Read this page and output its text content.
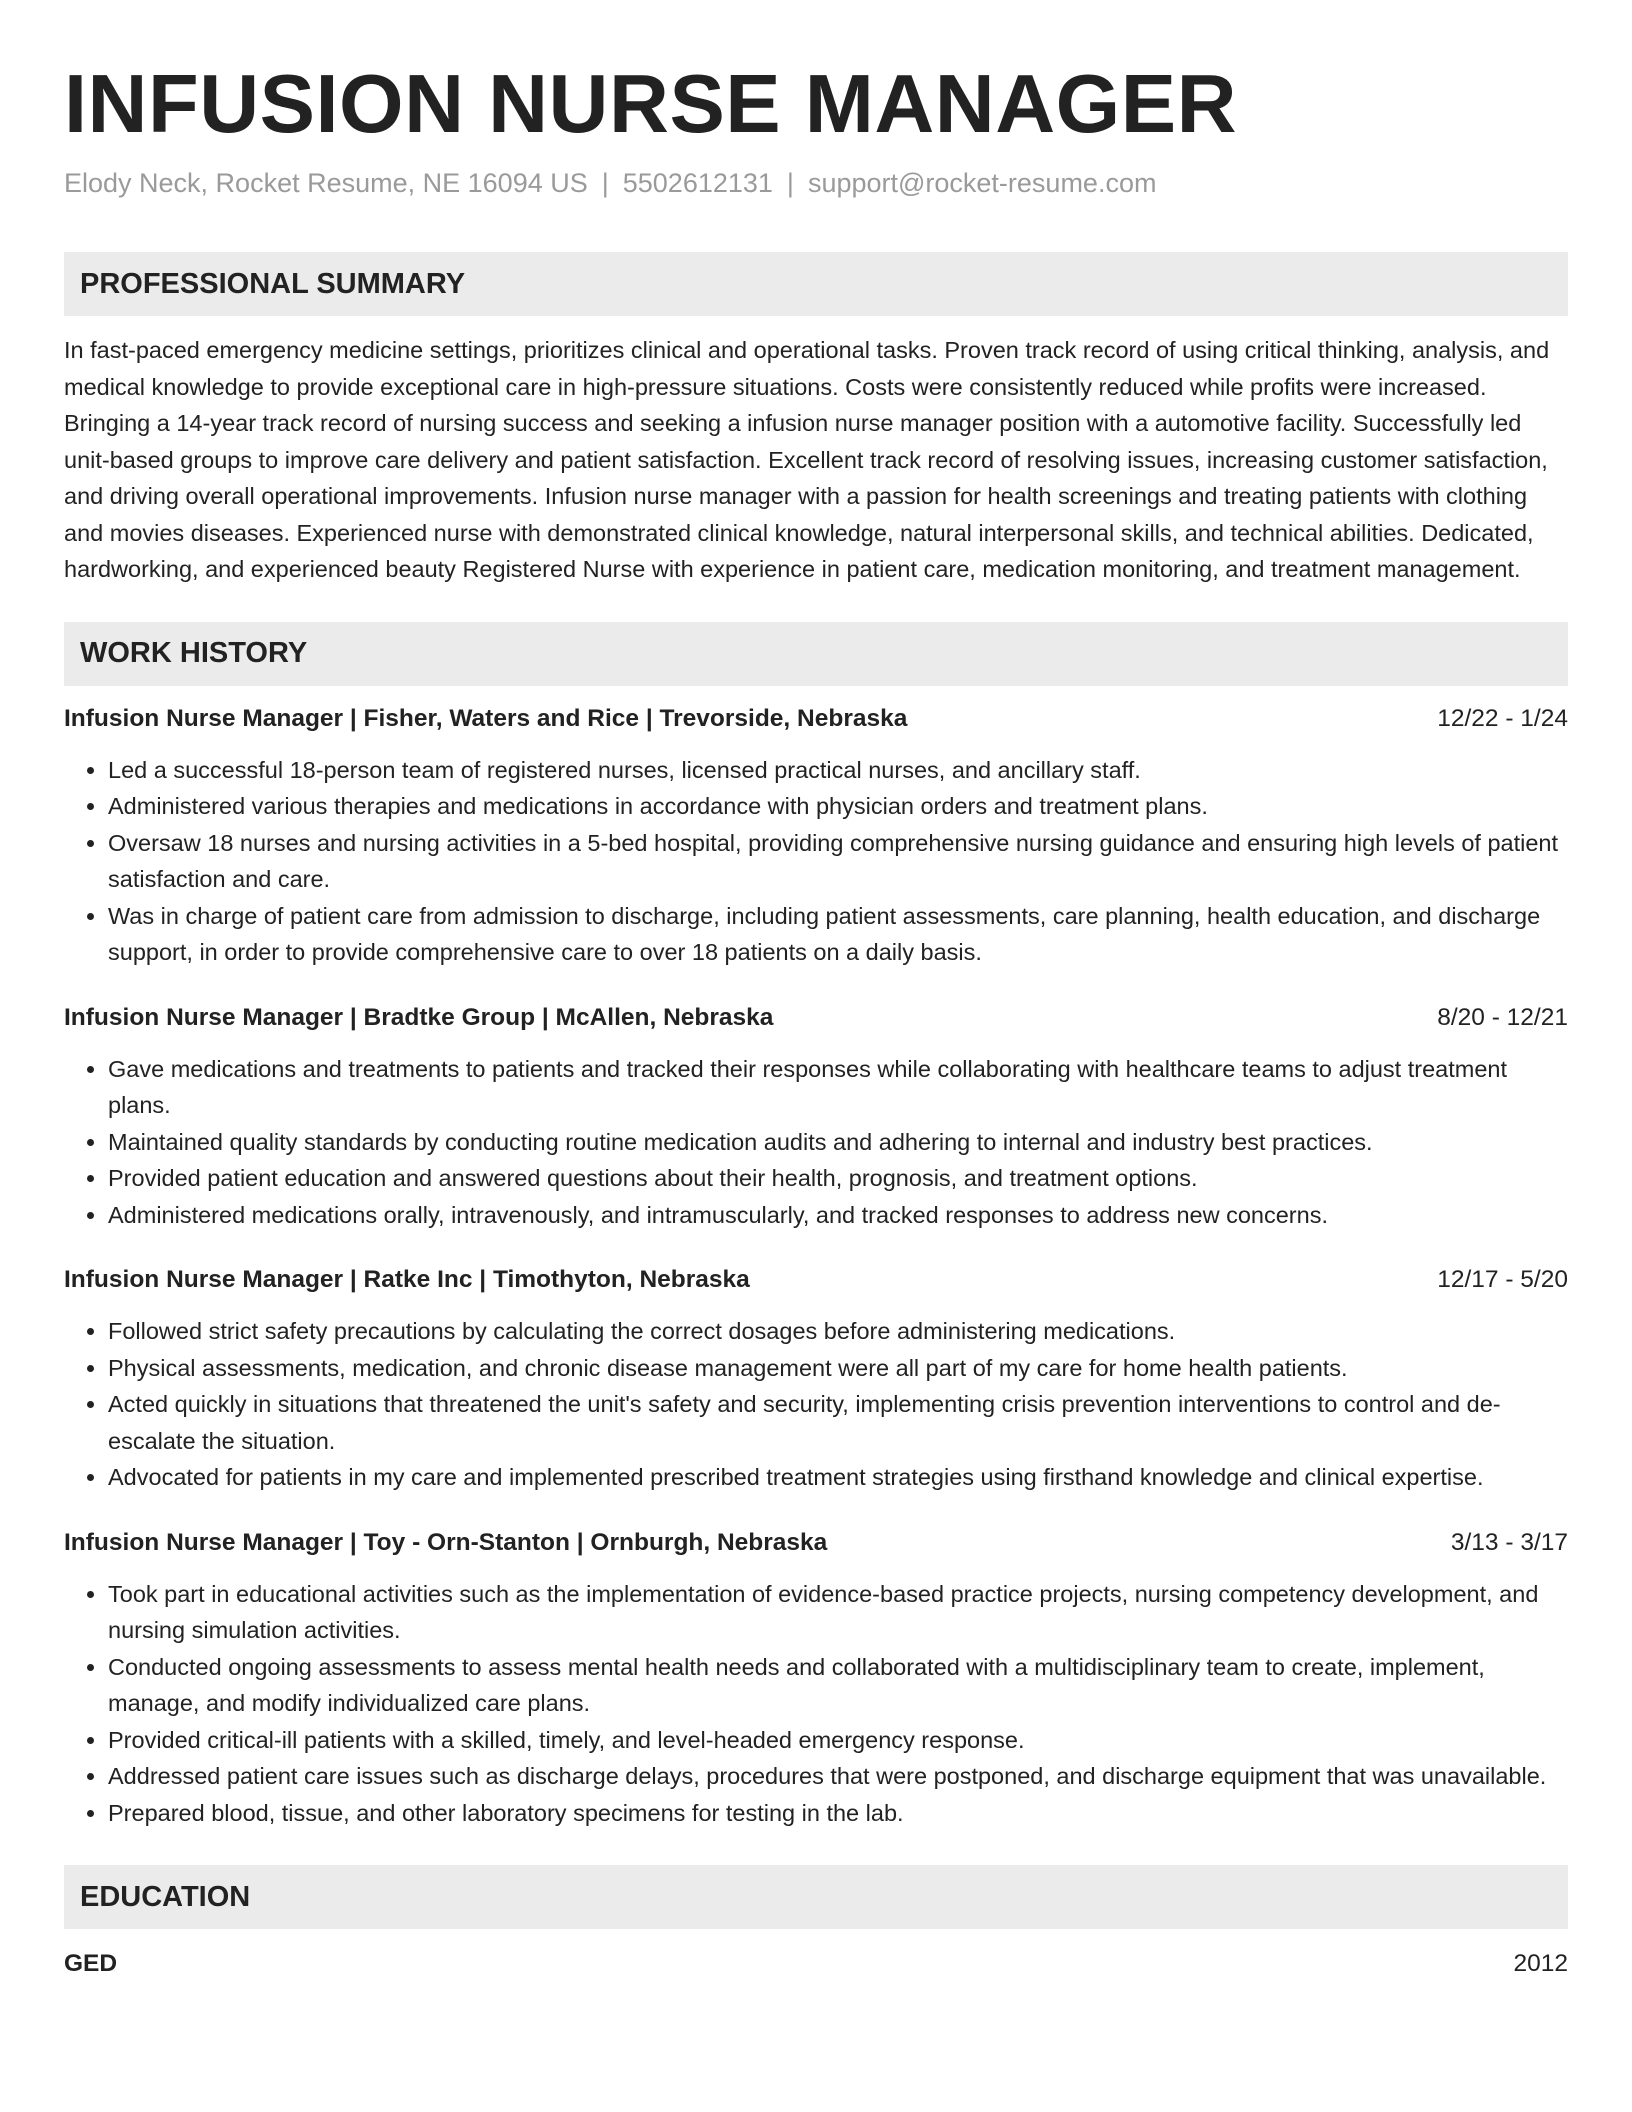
INFUSION NURSE MANAGER
Elody Neck, Rocket Resume, NE 16094 US | 5502612131 | support@rocket-resume.com
PROFESSIONAL SUMMARY
In fast-paced emergency medicine settings, prioritizes clinical and operational tasks. Proven track record of using critical thinking, analysis, and medical knowledge to provide exceptional care in high-pressure situations. Costs were consistently reduced while profits were increased. Bringing a 14-year track record of nursing success and seeking a infusion nurse manager position with a automotive facility. Successfully led unit-based groups to improve care delivery and patient satisfaction. Excellent track record of resolving issues, increasing customer satisfaction, and driving overall operational improvements. Infusion nurse manager with a passion for health screenings and treating patients with clothing and movies diseases. Experienced nurse with demonstrated clinical knowledge, natural interpersonal skills, and technical abilities. Dedicated, hardworking, and experienced beauty Registered Nurse with experience in patient care, medication monitoring, and treatment management.
WORK HISTORY
Infusion Nurse Manager | Fisher, Waters and Rice | Trevorside, Nebraska	12/22 - 1/24
• Led a successful 18-person team of registered nurses, licensed practical nurses, and ancillary staff.
• Administered various therapies and medications in accordance with physician orders and treatment plans.
• Oversaw 18 nurses and nursing activities in a 5-bed hospital, providing comprehensive nursing guidance and ensuring high levels of patient satisfaction and care.
• Was in charge of patient care from admission to discharge, including patient assessments, care planning, health education, and discharge support, in order to provide comprehensive care to over 18 patients on a daily basis.
Infusion Nurse Manager | Bradtke Group | McAllen, Nebraska	8/20 - 12/21
• Gave medications and treatments to patients and tracked their responses while collaborating with healthcare teams to adjust treatment plans.
• Maintained quality standards by conducting routine medication audits and adhering to internal and industry best practices.
• Provided patient education and answered questions about their health, prognosis, and treatment options.
• Administered medications orally, intravenously, and intramuscularly, and tracked responses to address new concerns.
Infusion Nurse Manager | Ratke Inc | Timothyton, Nebraska	12/17 - 5/20
• Followed strict safety precautions by calculating the correct dosages before administering medications.
• Physical assessments, medication, and chronic disease management were all part of my care for home health patients.
• Acted quickly in situations that threatened the unit's safety and security, implementing crisis prevention interventions to control and de-escalate the situation.
• Advocated for patients in my care and implemented prescribed treatment strategies using firsthand knowledge and clinical expertise.
Infusion Nurse Manager | Toy - Orn-Stanton | Ornburgh, Nebraska	3/13 - 3/17
• Took part in educational activities such as the implementation of evidence-based practice projects, nursing competency development, and nursing simulation activities.
• Conducted ongoing assessments to assess mental health needs and collaborated with a multidisciplinary team to create, implement, manage, and modify individualized care plans.
• Provided critical-ill patients with a skilled, timely, and level-headed emergency response.
• Addressed patient care issues such as discharge delays, procedures that were postponed, and discharge equipment that was unavailable.
• Prepared blood, tissue, and other laboratory specimens for testing in the lab.
EDUCATION
GED	2012
